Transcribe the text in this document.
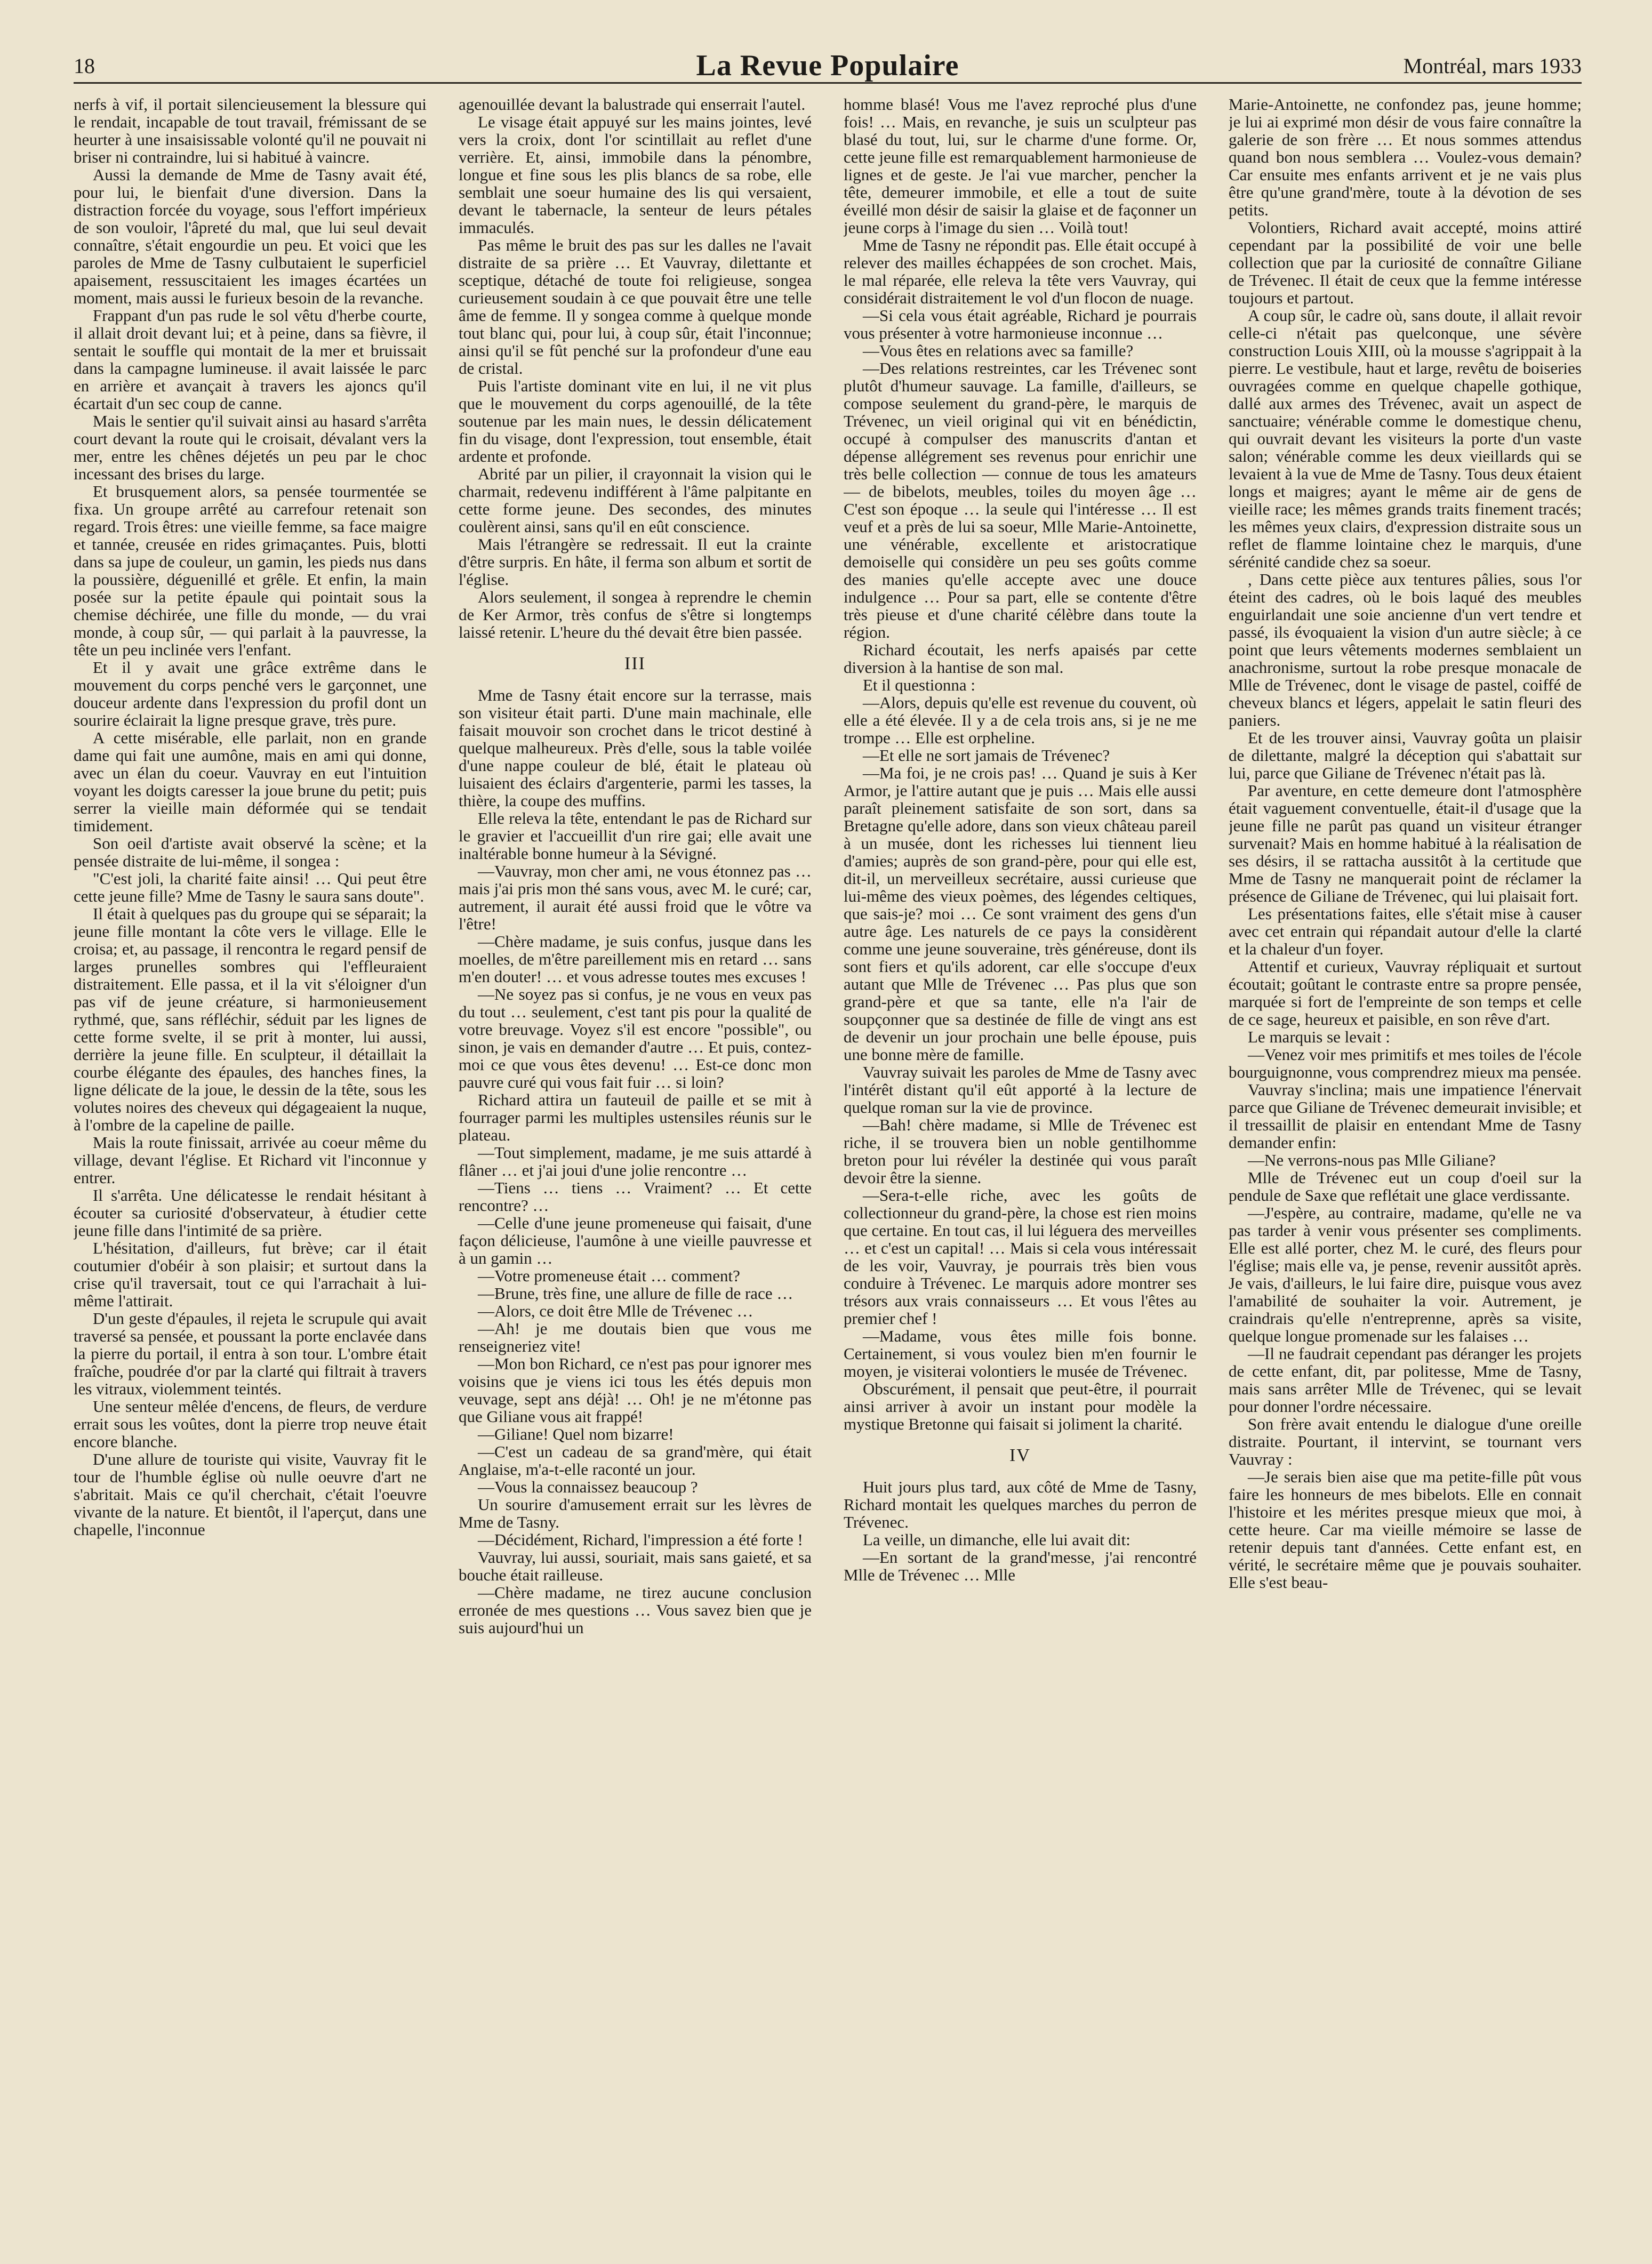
18	La Revue Populaire	Montréal, mars 1933

nerfs à vif, il portait silencieusement la blessure qui le rendait, incapable de tout travail, frémissant de se heurter à une insaisissable volonté qu'il ne pouvait ni briser ni contraindre, lui si habitué à vaincre.

Aussi la demande de Mme de Tasny avait été, pour lui, le bienfait d'une diversion. Dans la distraction forcée du voyage, sous l'effort impérieux de son vouloir, l'âpreté du mal, que lui seul devait connaître, s'était engourdie un peu. Et voici que les paroles de Mme de Tasny culbutaient le superficiel apaisement, ressuscitaient les images écartées un moment, mais aussi le furieux besoin de la revanche.

Frappant d'un pas rude le sol vêtu d'herbe courte, il allait droit devant lui; et à peine, dans sa fièvre, il sentait le souffle qui montait de la mer et bruissait dans la campagne lumineuse. il avait laissée le parc en arrière et avançait à travers les ajoncs qu'il écartait d'un sec coup de canne.

Mais le sentier qu'il suivait ainsi au hasard s'arrêta court devant la route qui le croisait, dévalant vers la mer, entre les chênes déjetés un peu par le choc incessant des brises du large.

Et brusquement alors, sa pensée tourmentée se fixa. Un groupe arrêté au carrefour retenait son regard. Trois êtres: une vieille femme, sa face maigre et tannée, creusée en rides grimaçantes. Puis, blotti dans sa jupe de couleur, un gamin, les pieds nus dans la poussière, déguenillé et grêle. Et enfin, la main posée sur la petite épaule qui pointait sous la chemise déchirée, une fille du monde, — du vrai monde, à coup sûr, — qui parlait à la pauvresse, la tête un peu inclinée vers l'enfant.

Et il y avait une grâce extrême dans le mouvement du corps penché vers le garçonnet, une douceur ardente dans l'expression du profil dont un sourire éclairait la ligne presque grave, très pure.

A cette misérable, elle parlait, non en grande dame qui fait une aumône, mais en ami qui donne, avec un élan du coeur. Vauvray en eut l'intuition voyant les doigts caresser la joue brune du petit; puis serrer la vieille main déformée qui se tendait timidement.

Son oeil d'artiste avait observé la scène; et la pensée distraite de lui-même, il songea :

"C'est joli, la charité faite ainsi! … Qui peut être cette jeune fille? Mme de Tasny le saura sans doute".

Il était à quelques pas du groupe qui se séparait; la jeune fille montant la côte vers le village. Elle le croisa; et, au passage, il rencontra le regard pensif de larges prunelles sombres qui l'effleuraient distraitement. Elle passa, et il la vit s'éloigner d'un pas vif de jeune créature, si harmonieusement rythmé, que, sans réfléchir, séduit par les lignes de cette forme svelte, il se prit à monter, lui aussi, derrière la jeune fille. En sculpteur, il détaillait la courbe élégante des épaules, des hanches fines, la ligne délicate de la joue, le dessin de la tête, sous les volutes noires des cheveux qui dégageaient la nuque, à l'ombre de la capeline de paille.

Mais la route finissait, arrivée au coeur même du village, devant l'église. Et Richard vit l'inconnue y entrer.

Il s'arrêta. Une délicatesse le rendait hésitant à écouter sa curiosité d'observateur, à étudier cette jeune fille dans l'intimité de sa prière.

L'hésitation, d'ailleurs, fut brève; car il était coutumier d'obéir à son plaisir; et surtout dans la crise qu'il traversait, tout ce qui l'arrachait à lui-même l'attirait.

D'un geste d'épaules, il rejeta le scrupule qui avait traversé sa pensée, et poussant la porte enclavée dans la pierre du portail, il entra à son tour. L'ombre était fraîche, poudrée d'or par la clarté qui filtrait à travers les vitraux, violemment teintés.

Une senteur mêlée d'encens, de fleurs, de verdure errait sous les voûtes, dont la pierre trop neuve était encore blanche.

D'une allure de touriste qui visite, Vauvray fit le tour de l'humble église où nulle oeuvre d'art ne s'abritait. Mais ce qu'il cherchait, c'était l'oeuvre vivante de la nature. Et bientôt, il l'aperçut, dans une chapelle, l'inconnue

agenouillée devant la balustrade qui enserrait l'autel.

Le visage était appuyé sur les mains jointes, levé vers la croix, dont l'or scintillait au reflet d'une verrière. Et, ainsi, immobile dans la pénombre, longue et fine sous les plis blancs de sa robe, elle semblait une soeur humaine des lis qui versaient, devant le tabernacle, la senteur de leurs pétales immaculés.

Pas même le bruit des pas sur les dalles ne l'avait distraite de sa prière … Et Vauvray, dilettante et sceptique, détaché de toute foi religieuse, songea curieusement soudain à ce que pouvait être une telle âme de femme. Il y songea comme à quelque monde tout blanc qui, pour lui, à coup sûr, était l'inconnue; ainsi qu'il se fût penché sur la profondeur d'une eau de cristal.

Puis l'artiste dominant vite en lui, il ne vit plus que le mouvement du corps agenouillé, de la tête soutenue par les main nues, le dessin délicatement fin du visage, dont l'expression, tout ensemble, était ardente et profonde.

Abrité par un pilier, il crayonnait la vision qui le charmait, redevenu indifférent à l'âme palpitante en cette forme jeune. Des secondes, des minutes coulèrent ainsi, sans qu'il en eût conscience.

Mais l'étrangère se redressait. Il eut la crainte d'être surpris. En hâte, il ferma son album et sortit de l'église.

Alors seulement, il songea à reprendre le chemin de Ker Armor, très confus de s'être si longtemps laissé retenir. L'heure du thé devait être bien passée.

III

Mme de Tasny était encore sur la terrasse, mais son visiteur était parti. D'une main machinale, elle faisait mouvoir son crochet dans le tricot destiné à quelque malheureux. Près d'elle, sous la table voilée d'une nappe couleur de blé, était le plateau où luisaient des éclairs d'argenterie, parmi les tasses, la thière, la coupe des muffins.

Elle releva la tête, entendant le pas de Richard sur le gravier et l'accueillit d'un rire gai; elle avait une inaltérable bonne humeur à la Sévigné.

—Vauvray, mon cher ami, ne vous étonnez pas … mais j'ai pris mon thé sans vous, avec M. le curé; car, autrement, il aurait été aussi froid que le vôtre va l'être!

—Chère madame, je suis confus, jusque dans les moelles, de m'être pareillement mis en retard … sans m'en douter! … et vous adresse toutes mes excuses !

—Ne soyez pas si confus, je ne vous en veux pas du tout … seulement, c'est tant pis pour la qualité de votre breuvage. Voyez s'il est encore "possible", ou sinon, je vais en demander d'autre … Et puis, contez-moi ce que vous êtes devenu! … Est-ce donc mon pauvre curé qui vous fait fuir … si loin?

Richard attira un fauteuil de paille et se mit à fourrager parmi les multiples ustensiles réunis sur le plateau.

—Tout simplement, madame, je me suis attardé à flâner … et j'ai joui d'une jolie rencontre …

—Tiens … tiens … Vraiment? … Et cette rencontre? …

—Celle d'une jeune promeneuse qui faisait, d'une façon délicieuse, l'aumône à une vieille pauvresse et à un gamin …

—Votre promeneuse était … comment?

—Brune, très fine, une allure de fille de race …

—Alors, ce doit être Mlle de Trévenec …

—Ah! je me doutais bien que vous me renseigneriez vite!

—Mon bon Richard, ce n'est pas pour ignorer mes voisins que je viens ici tous les étés depuis mon veuvage, sept ans déjà! … Oh! je ne m'étonne pas que Giliane vous ait frappé!

—Giliane! Quel nom bizarre!

—C'est un cadeau de sa grand'mère, qui était Anglaise, m'a-t-elle raconté un jour.

—Vous la connaissez beaucoup ?

Un sourire d'amusement errait sur les lèvres de Mme de Tasny.

—Décidément, Richard, l'impression a été forte !

Vauvray, lui aussi, souriait, mais sans gaieté, et sa bouche était railleuse.

—Chère madame, ne tirez aucune conclusion erronée de mes questions … Vous savez bien que je suis aujourd'hui un

homme blasé! Vous me l'avez reproché plus d'une fois! … Mais, en revanche, je suis un sculpteur pas blasé du tout, lui, sur le charme d'une forme. Or, cette jeune fille est remarquablement harmonieuse de lignes et de geste. Je l'ai vue marcher, pencher la tête, demeurer immobile, et elle a tout de suite éveillé mon désir de saisir la glaise et de façonner un jeune corps à l'image du sien … Voilà tout!

Mme de Tasny ne répondit pas. Elle était occupé à relever des mailles échappées de son crochet. Mais, le mal réparée, elle releva la tête vers Vauvray, qui considérait distraitement le vol d'un flocon de nuage.

—Si cela vous était agréable, Richard je pourrais vous présenter à votre harmonieuse inconnue …

—Vous êtes en relations avec sa famille?

—Des relations restreintes, car les Trévenec sont plutôt d'humeur sauvage. La famille, d'ailleurs, se compose seulement du grand-père, le marquis de Trévenec, un vieil original qui vit en bénédictin, occupé à compulser des manuscrits d'antan et dépense allégrement ses revenus pour enrichir une très belle collection — connue de tous les amateurs— de bibelots, meubles, toiles du moyen âge … C'est son époque … la seule qui l'intéresse … Il est veuf et a près de lui sa soeur, Mlle Marie-Antoinette, une vénérable, excellente et aristocratique demoiselle qui considère un peu ses goûts comme des manies qu'elle accepte avec une douce indulgence … Pour sa part, elle se contente d'être très pieuse et d'une charité célèbre dans toute la région.

Richard écoutait, les nerfs apaisés par cette diversion à la hantise de son mal.

Et il questionna :

—Alors, depuis qu'elle est revenue du couvent, où elle a été élevée. Il y a de cela trois ans, si je ne me trompe … Elle est orpheline.

—Et elle ne sort jamais de Trévenec?

—Ma foi, je ne crois pas! … Quand je suis à Ker Armor, je l'attire autant que je puis … Mais elle aussi paraît pleinement satisfaite de son sort, dans sa Bretagne qu'elle adore, dans son vieux château pareil à un musée, dont les richesses lui tiennent lieu d'amies; auprès de son grand-père, pour qui elle est, dit-il, un merveilleux secrétaire, aussi curieuse que lui-même des vieux poèmes, des légendes celtiques, que sais-je? moi … Ce sont vraiment des gens d'un autre âge. Les naturels de ce pays la considèrent comme une jeune souveraine, très généreuse, dont ils sont fiers et qu'ils adorent, car elle s'occupe d'eux autant que Mlle de Trévenec … Pas plus que son grand-père et que sa tante, elle n'a l'air de soupçonner que sa destinée de fille de vingt ans est de devenir un jour prochain une belle épouse, puis une bonne mère de famille.

Vauvray suivait les paroles de Mme de Tasny avec l'intérêt distant qu'il eût apporté à la lecture de quelque roman sur la vie de province.

—Bah! chère madame, si Mlle de Trévenec est riche, il se trouvera bien un noble gentilhomme breton pour lui révéler la destinée qui vous paraît devoir être la sienne.

—Sera-t-elle riche, avec les goûts de collectionneur du grand-père, la chose est rien moins que certaine. En tout cas, il lui léguera des merveilles … et c'est un capital! … Mais si cela vous intéressait de les voir, Vauvray, je pourrais très bien vous conduire à Trévenec. Le marquis adore montrer ses trésors aux vrais connaisseurs … Et vous l'êtes au premier chef !

—Madame, vous êtes mille fois bonne. Certainement, si vous voulez bien m'en fournir le moyen, je visiterai volontiers le musée de Trévenec.

Obscurément, il pensait que peut-être, il pourrait ainsi arriver à avoir un instant pour modèle la mystique Bretonne qui faisait si joliment la charité.

IV

Huit jours plus tard, aux côté de Mme de Tasny, Richard montait les quelques marches du perron de Trévenec.

La veille, un dimanche, elle lui avait dit:

—En sortant de la grand'messe, j'ai rencontré Mlle de Trévenec … Mlle

Marie-Antoinette, ne confondez pas, jeune homme; je lui ai exprimé mon désir de vous faire connaître la galerie de son frère … Et nous sommes attendus quand bon nous semblera … Voulez-vous demain? Car ensuite mes enfants arrivent et je ne vais plus être qu'une grand'mère, toute à la dévotion de ses petits.

Volontiers, Richard avait accepté, moins attiré cependant par la possibilité de voir une belle collection que par la curiosité de connaître Giliane de Trévenec. Il était de ceux que la femme intéresse toujours et partout.

A coup sûr, le cadre où, sans doute, il allait revoir celle-ci n'était pas quelconque, une sévère construction Louis XIII, où la mousse s'agrippait à la pierre. Le vestibule, haut et large, revêtu de boiseries ouvragées comme en quelque chapelle gothique, dallé aux armes des Trévenec, avait un aspect de sanctuaire; vénérable comme le domestique chenu, qui ouvrait devant les visiteurs la porte d'un vaste salon; vénérable comme les deux vieillards qui se levaient à la vue de Mme de Tasny. Tous deux étaient longs et maigres; ayant le même air de gens de vieille race; les mêmes grands traits finement tracés; les mêmes yeux clairs, d'expression distraite sous un reflet de flamme lointaine chez le marquis, d'une sérénité candide chez sa soeur.

, Dans cette pièce aux tentures pâlies, sous l'or éteint des cadres, où le bois laqué des meubles enguirlandait une soie ancienne d'un vert tendre et passé, ils évoquaient la vision d'un autre siècle; à ce point que leurs vêtements modernes semblaient un anachronisme, surtout la robe presque monacale de Mlle de Trévenec, dont le visage de pastel, coiffé de cheveux blancs et légers, appelait le satin fleuri des paniers.

Et de les trouver ainsi, Vauvray goûta un plaisir de dilettante, malgré la déception qui s'abattait sur lui, parce que Giliane de Trévenec n'était pas là.

Par aventure, en cette demeure dont l'atmosphère était vaguement conventuelle, était-il d'usage que la jeune fille ne parût pas quand un visiteur étranger survenait? Mais en homme habitué à la réalisation de ses désirs, il se rattacha aussitôt à la certitude que Mme de Tasny ne manquerait point de réclamer la présence de Giliane de Trévenec, qui lui plaisait fort.

Les présentations faites, elle s'était mise à causer avec cet entrain qui répandait autour d'elle la clarté et la chaleur d'un foyer.

Attentif et curieux, Vauvray répliquait et surtout écoutait; goûtant le contraste entre sa propre pensée, marquée si fort de l'empreinte de son temps et celle de ce sage, heureux et paisible, en son rêve d'art.

Le marquis se levait :

—Venez voir mes primitifs et mes toiles de l'école bourguignonne, vous comprendrez mieux ma pensée.

Vauvray s'inclina; mais une impatience l'énervait parce que Giliane de Trévenec demeurait invisible; et il tressaillit de plaisir en entendant Mme de Tasny demander enfin:

—Ne verrons-nous pas Mlle Giliane?

Mlle de Trévenec eut un coup d'oeil sur la pendule de Saxe que reflétait une glace verdissante.

—J'espère, au contraire, madame, qu'elle ne va pas tarder à venir vous présenter ses compliments. Elle est allé porter, chez M. le curé, des fleurs pour l'église; mais elle va, je pense, revenir aussitôt après. Je vais, d'ailleurs, le lui faire dire, puisque vous avez l'amabilité de souhaiter la voir. Autrement, je craindrais qu'elle n'entreprenne, après sa visite, quelque longue promenade sur les falaises …

—Il ne faudrait cependant pas déranger les projets de cette enfant, dit, par politesse, Mme de Tasny, mais sans arrêter Mlle de Trévenec, qui se levait pour donner l'ordre nécessaire.

Son frère avait entendu le dialogue d'une oreille distraite. Pourtant, il intervint, se tournant vers Vauvray :

—Je serais bien aise que ma petite-fille pût vous faire les honneurs de mes bibelots. Elle en connait l'histoire et les mérites presque mieux que moi, à cette heure. Car ma vieille mémoire se lasse de retenir depuis tant d'années. Cette enfant est, en vérité, le secrétaire même que je pouvais souhaiter. Elle s'est beau-
